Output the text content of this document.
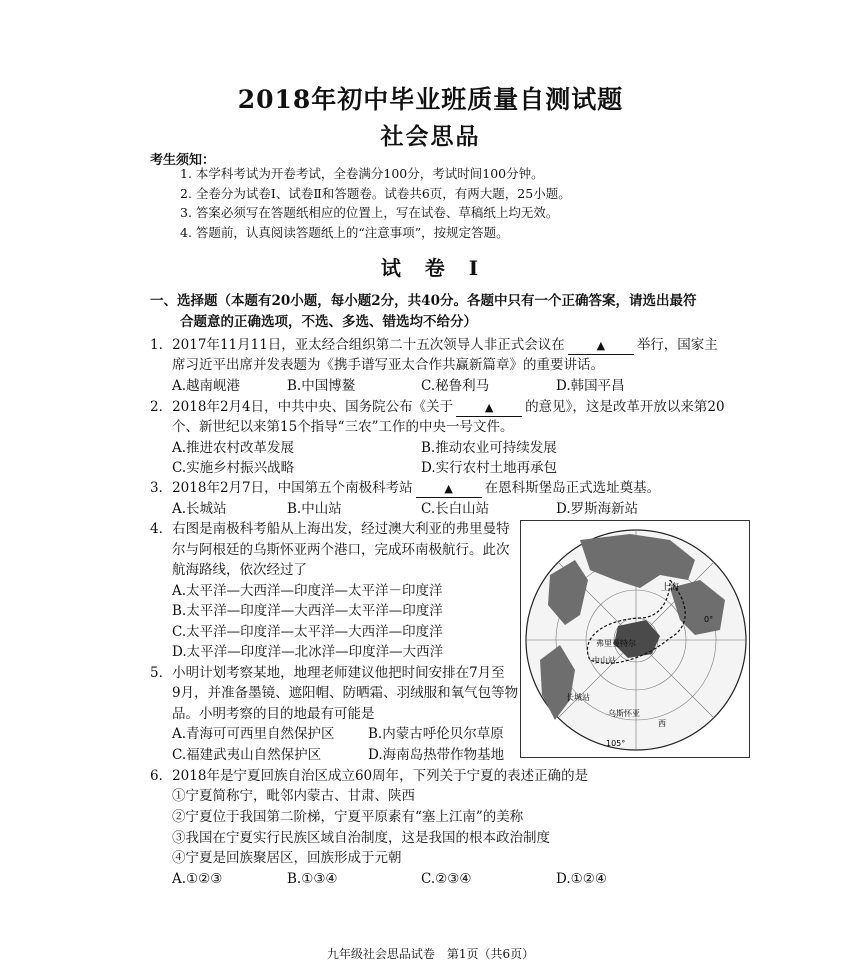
2018年初中毕业班质量自测试题
社会思品
考生须知：
1. 本学科考试为开卷考试，全卷满分100分，考试时间100分钟。
2. 全卷分为试卷Ⅰ、试卷Ⅱ和答题卷。试卷共6页，有两大题，25小题。
3. 答案必须写在答题纸相应的位置上，写在试卷、草稿纸上均无效。
4. 答题前，认真阅读答题纸上的“注意事项”，按规定答题。
试　卷　Ⅰ
一、选择题（本题有20小题，每小题2分，共40分。各题中只有一个正确答案，请选出最符
合题意的正确选项，不选、多选、错选均不给分）
1．2017年11月11日，亚太经合组织第二十五次领导人非正式会议在	▲ 举行，国家主
席习近平出席并发表题为《携手谱写亚太合作共赢新篇章》的重要讲话。
A.越南岘港	B.中国博鳌	C.秘鲁利马	D.韩国平昌
2．2018年2月4日，中共中央、国务院公布《关于	▲ 的意见》，这是改革开放以来第20
个、新世纪以来第15个指导“三农”工作的中央一号文件。
A.推进农村改革发展	B.推动农业可持续发展
C.实施乡村振兴战略	D.实行农村土地再承包
3．2018年2月7日，中国第五个南极科考站	▲ 在恩科斯堡岛正式选址奠基。
A.长城站	B.中山站	C.长白山站	D.罗斯海新站
4．右图是南极科考船从上海出发，经过澳大利亚的弗里曼特
尔与阿根廷的乌斯怀亚两个港口，完成环南极航行。此次
航海路线，依次经过了
A.太平洋—大西洋—印度洋—太平洋－印度洋
B.太平洋—印度洋—大西洋—太平洋—印度洋
C.太平洋—印度洋—太平洋—大西洋—印度洋
D.太平洋—印度洋—北冰洋—印度洋—大西洋
5．小明计划考察某地，地理老师建议他把时间安排在7月至
9月，并准备墨镜、遮阳帽、防晒霜、羽绒服和氧气包等物
品。小明考察的目的地最有可能是
A.青海可可西里自然保护区 B.内蒙古呼伦贝尔草原
C.福建武夷山自然保护区	D.海南岛热带作物基地
6．2018年是宁夏回族自治区成立60周年，下列关于宁夏的表述正确的是
①宁夏简称宁，毗邻内蒙古、甘肃、陕西
②宁夏位于我国第二阶梯，宁夏平原素有“塞上江南”的美称
③我国在宁夏实行民族区域自治制度，这是我国的根本政治制度
④宁夏是回族聚居区，回族形成于元朝
A.①②③	B.①③④	C.②③④	D.①②④
上海
0°
弗里曼特尔
中山站
长城站
乌斯怀亚
西
105°
九年级社会思品试卷　第1页（共6页）
